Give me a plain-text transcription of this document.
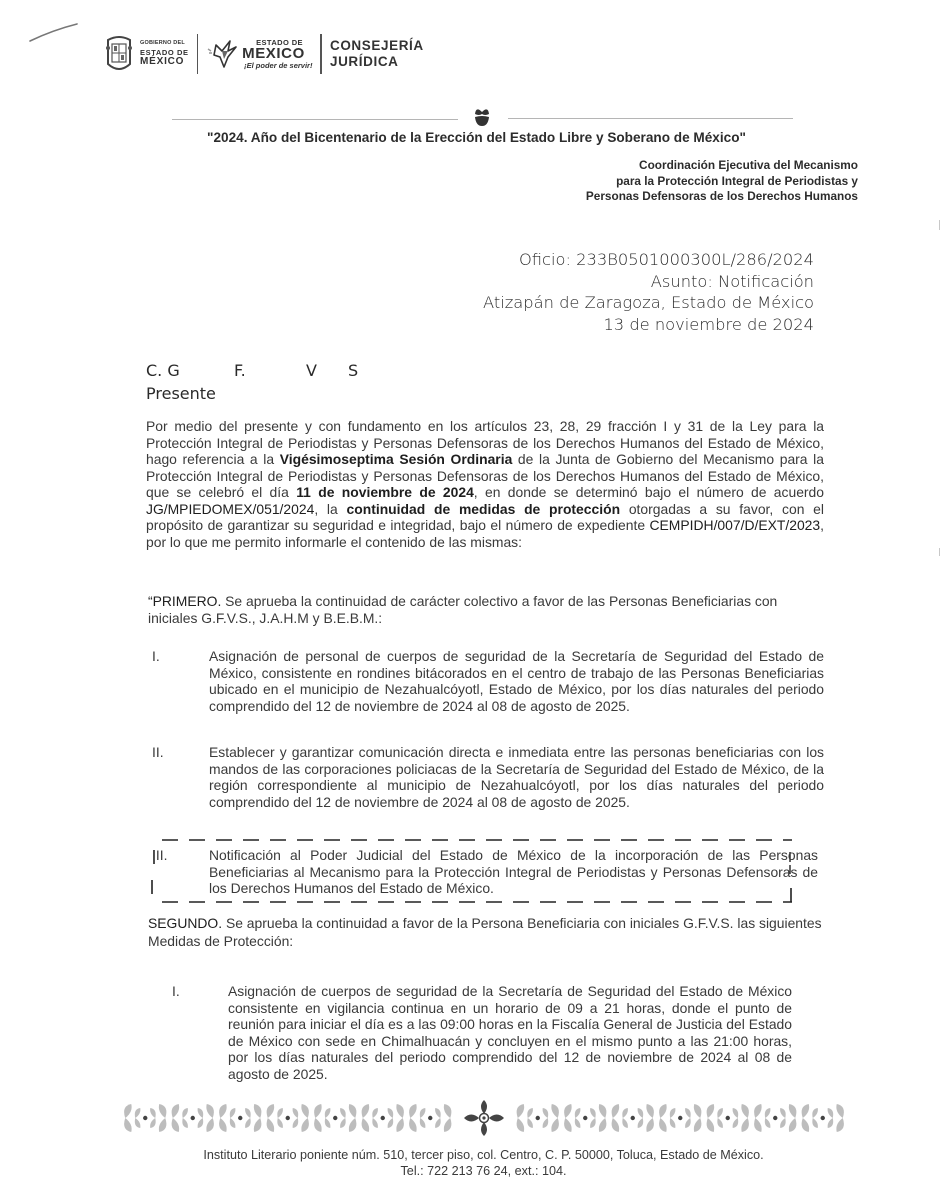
GOBIERNO DEL
ESTADO DE
MÉXICO
ESTADO DE
MEXICO
¡El poder de servir!
CONSEJERÍA
JURÍDICA
"2024. Año del Bicentenario de la Erección del Estado Libre y Soberano de México"
Coordinación Ejecutiva del Mecanismo
para la Protección Integral de Periodistas y
Personas Defensoras de los Derechos Humanos
Oficio: 233B0501000300L/286/2024
Asunto: Notificación
Atizapán de Zaragoza, Estado de México
13 de noviembre de 2024
C. G	F.	V S
Presente
Por medio del presente y con fundamento en los artículos 23, 28, 29 fracción I y 31 de la Ley para la Protección Integral de Periodistas y Personas Defensoras de los Derechos Humanos del Estado de México, hago referencia a la Vigésimoseptima Sesión Ordinaria de la Junta de Gobierno del Mecanismo para la Protección Integral de Periodistas y Personas Defensoras de los Derechos Humanos del Estado de México, que se celebró el día 11 de noviembre de 2024, en donde se determinó bajo el número de acuerdo JG/MPIEDOMEX/051/2024, la continuidad de medidas de protección otorgadas a su favor, con el propósito de garantizar su seguridad e integridad, bajo el número de expediente CEMPIDH/007/D/EXT/2023, por lo que me permito informarle el contenido de las mismas:
“PRIMERO. Se aprueba la continuidad de carácter colectivo a favor de las Personas Beneficiarias con iniciales G.F.V.S., J.A.H.M y B.E.B.M.:
I.	Asignación de personal de cuerpos de seguridad de la Secretaría de Seguridad del Estado de México, consistente en rondines bitácorados en el centro de trabajo de las Personas Beneficiarias ubicado en el municipio de Nezahualcóyotl, Estado de México, por los días naturales del periodo comprendido del 12 de noviembre de 2024 al 08 de agosto de 2025.
II.	Establecer y garantizar comunicación directa e inmediata entre las personas beneficiarias con los mandos de las corporaciones policiacas de la Secretaría de Seguridad del Estado de México, de la región correspondiente al municipio de Nezahualcóyotl, por los días naturales del periodo comprendido del 12 de noviembre de 2024 al 08 de agosto de 2025.
III.	Notificación al Poder Judicial del Estado de México de la incorporación de las Personas Beneficiarias al Mecanismo para la Protección Integral de Periodistas y Personas Defensoras de los Derechos Humanos del Estado de México.
SEGUNDO. Se aprueba la continuidad a favor de la Persona Beneficiaria con iniciales G.F.V.S. las siguientes Medidas de Protección:
I.	Asignación de cuerpos de seguridad de la Secretaría de Seguridad del Estado de México consistente en vigilancia continua en un horario de 09 a 21 horas, donde el punto de reunión para iniciar el día es a las 09:00 horas en la Fiscalía General de Justicia del Estado de México con sede en Chimalhuacán y concluyen en el mismo punto a las 21:00 horas, por los días naturales del periodo comprendido del 12 de noviembre de 2024 al 08 de agosto de 2025.
Instituto Literario poniente núm. 510, tercer piso, col. Centro, C. P. 50000, Toluca, Estado de México.
Tel.: 722 213 76 24, ext.: 104.
